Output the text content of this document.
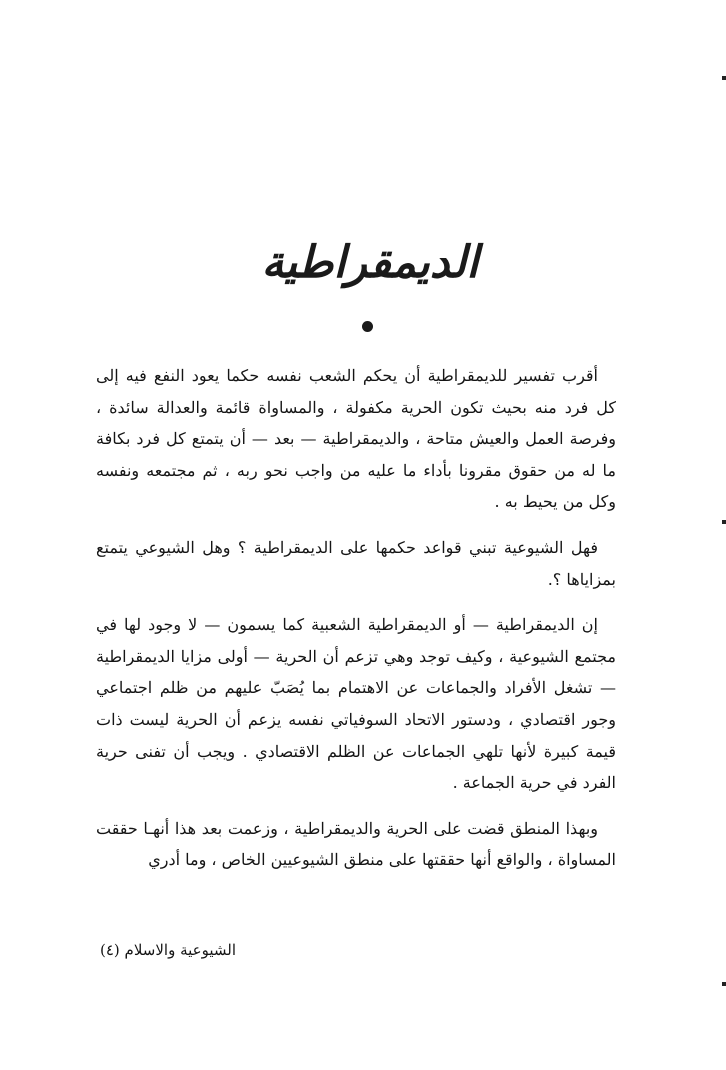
الديمقراطية

أقرب تفسير للديمقراطية أن يحكم الشعب نفسه حكما يعود النفع فيه إلى كل فرد منه بحيث تكون الحرية مكفولة ، والمساواة قائمة والعدالة سائدة ، وفرصة العمل والعيش متاحة ، والديمقراطية — بعد — أن يتمتع كل فرد بكافة ما له من حقوق مقرونا بأداء ما عليه من واجب نحو ربه ، ثم مجتمعه ونفسه وكل من يحيط به .

فهل الشيوعية تبني قواعد حكمها على الديمقراطية ؟ وهل الشيوعي يتمتع بمزاياها ؟.

إن الديمقراطية — أو الديمقراطية الشعبية كما يسمون — لا وجود لها في مجتمع الشيوعية ، وكيف توجد وهي تزعم أن الحرية — أولى مزايا الديمقراطية — تشغل الأفراد والجماعات عن الاهتمام بما يُصَبّ عليهم من ظلم اجتماعي وجور اقتصادي ، ودستور الاتحاد السوفياتي نفسه يزعم أن الحرية ليست ذات قيمة كبيرة لأنها تلهي الجماعات عن الظلم الاقتصادي . ويجب أن تفنى حرية الفرد في حرية الجماعة .

وبهذا المنطق قضت على الحرية والديمقراطية ، وزعمت بعد هذا أنهـا حققت المساواة ، والواقع أنها حققتها على منطق الشيوعيين الخاص ، وما أدري

الشيوعية والاسلام (٤)
